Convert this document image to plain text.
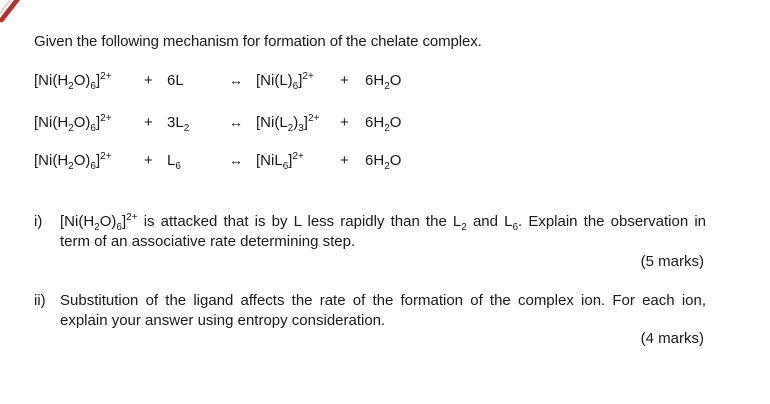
Given the following mechanism for formation of the chelate complex.
$[Ni(H_2O)_6]^{2+} + 6L$	↔ $[Ni(L)_6]^{2+} + 6H_2O$
$[Ni(H_2O)_6]^{2+} + 3L_2$	↔ $[Ni(L_2)_3]^{2+} + 6H_2O$
$[Ni(H_2O)_6]^{2+} + L_6$	↔ $[NiL_6]^{2+} + 6H_2O$
i) $[Ni(H_2O)_6]^{2+}$ is attacked that is by L less rapidly than the $L_2$ and $L_6$. Explain the observation in term of an associative rate determining step.
(5 marks)
ii) Substitution of the ligand affects the rate of the formation of the complex ion. For each ion, explain your answer using entropy consideration.
(4 marks)
